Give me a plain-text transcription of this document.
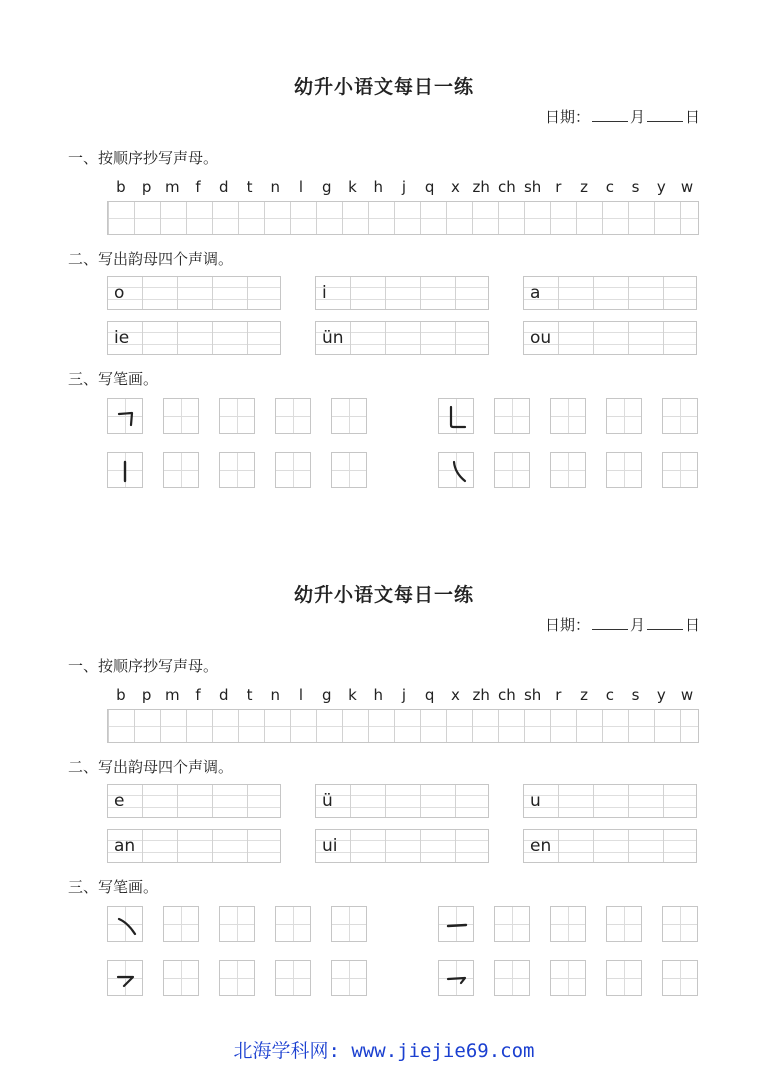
幼升小语文每日一练
日期：	月	日
一、按顺序抄写声母。
b	p m	f	d	t	n	l	g	k	h	j	q	x zh ch sh r	z	c	s	y	w
二、写出韵母四个声调。
o	i	a
ie	ün	ou
三、写笔画。
幼升小语文每日一练
日期：	月	日
一、按顺序抄写声母。
b	p m	f	d	t	n	l	g	k	h	j	q	x zh ch sh r	z	c	s	y	w
二、写出韵母四个声调。
e	ü	u
an	ui	en
三、写笔画。
北海学科网: www.jiejie69.com
